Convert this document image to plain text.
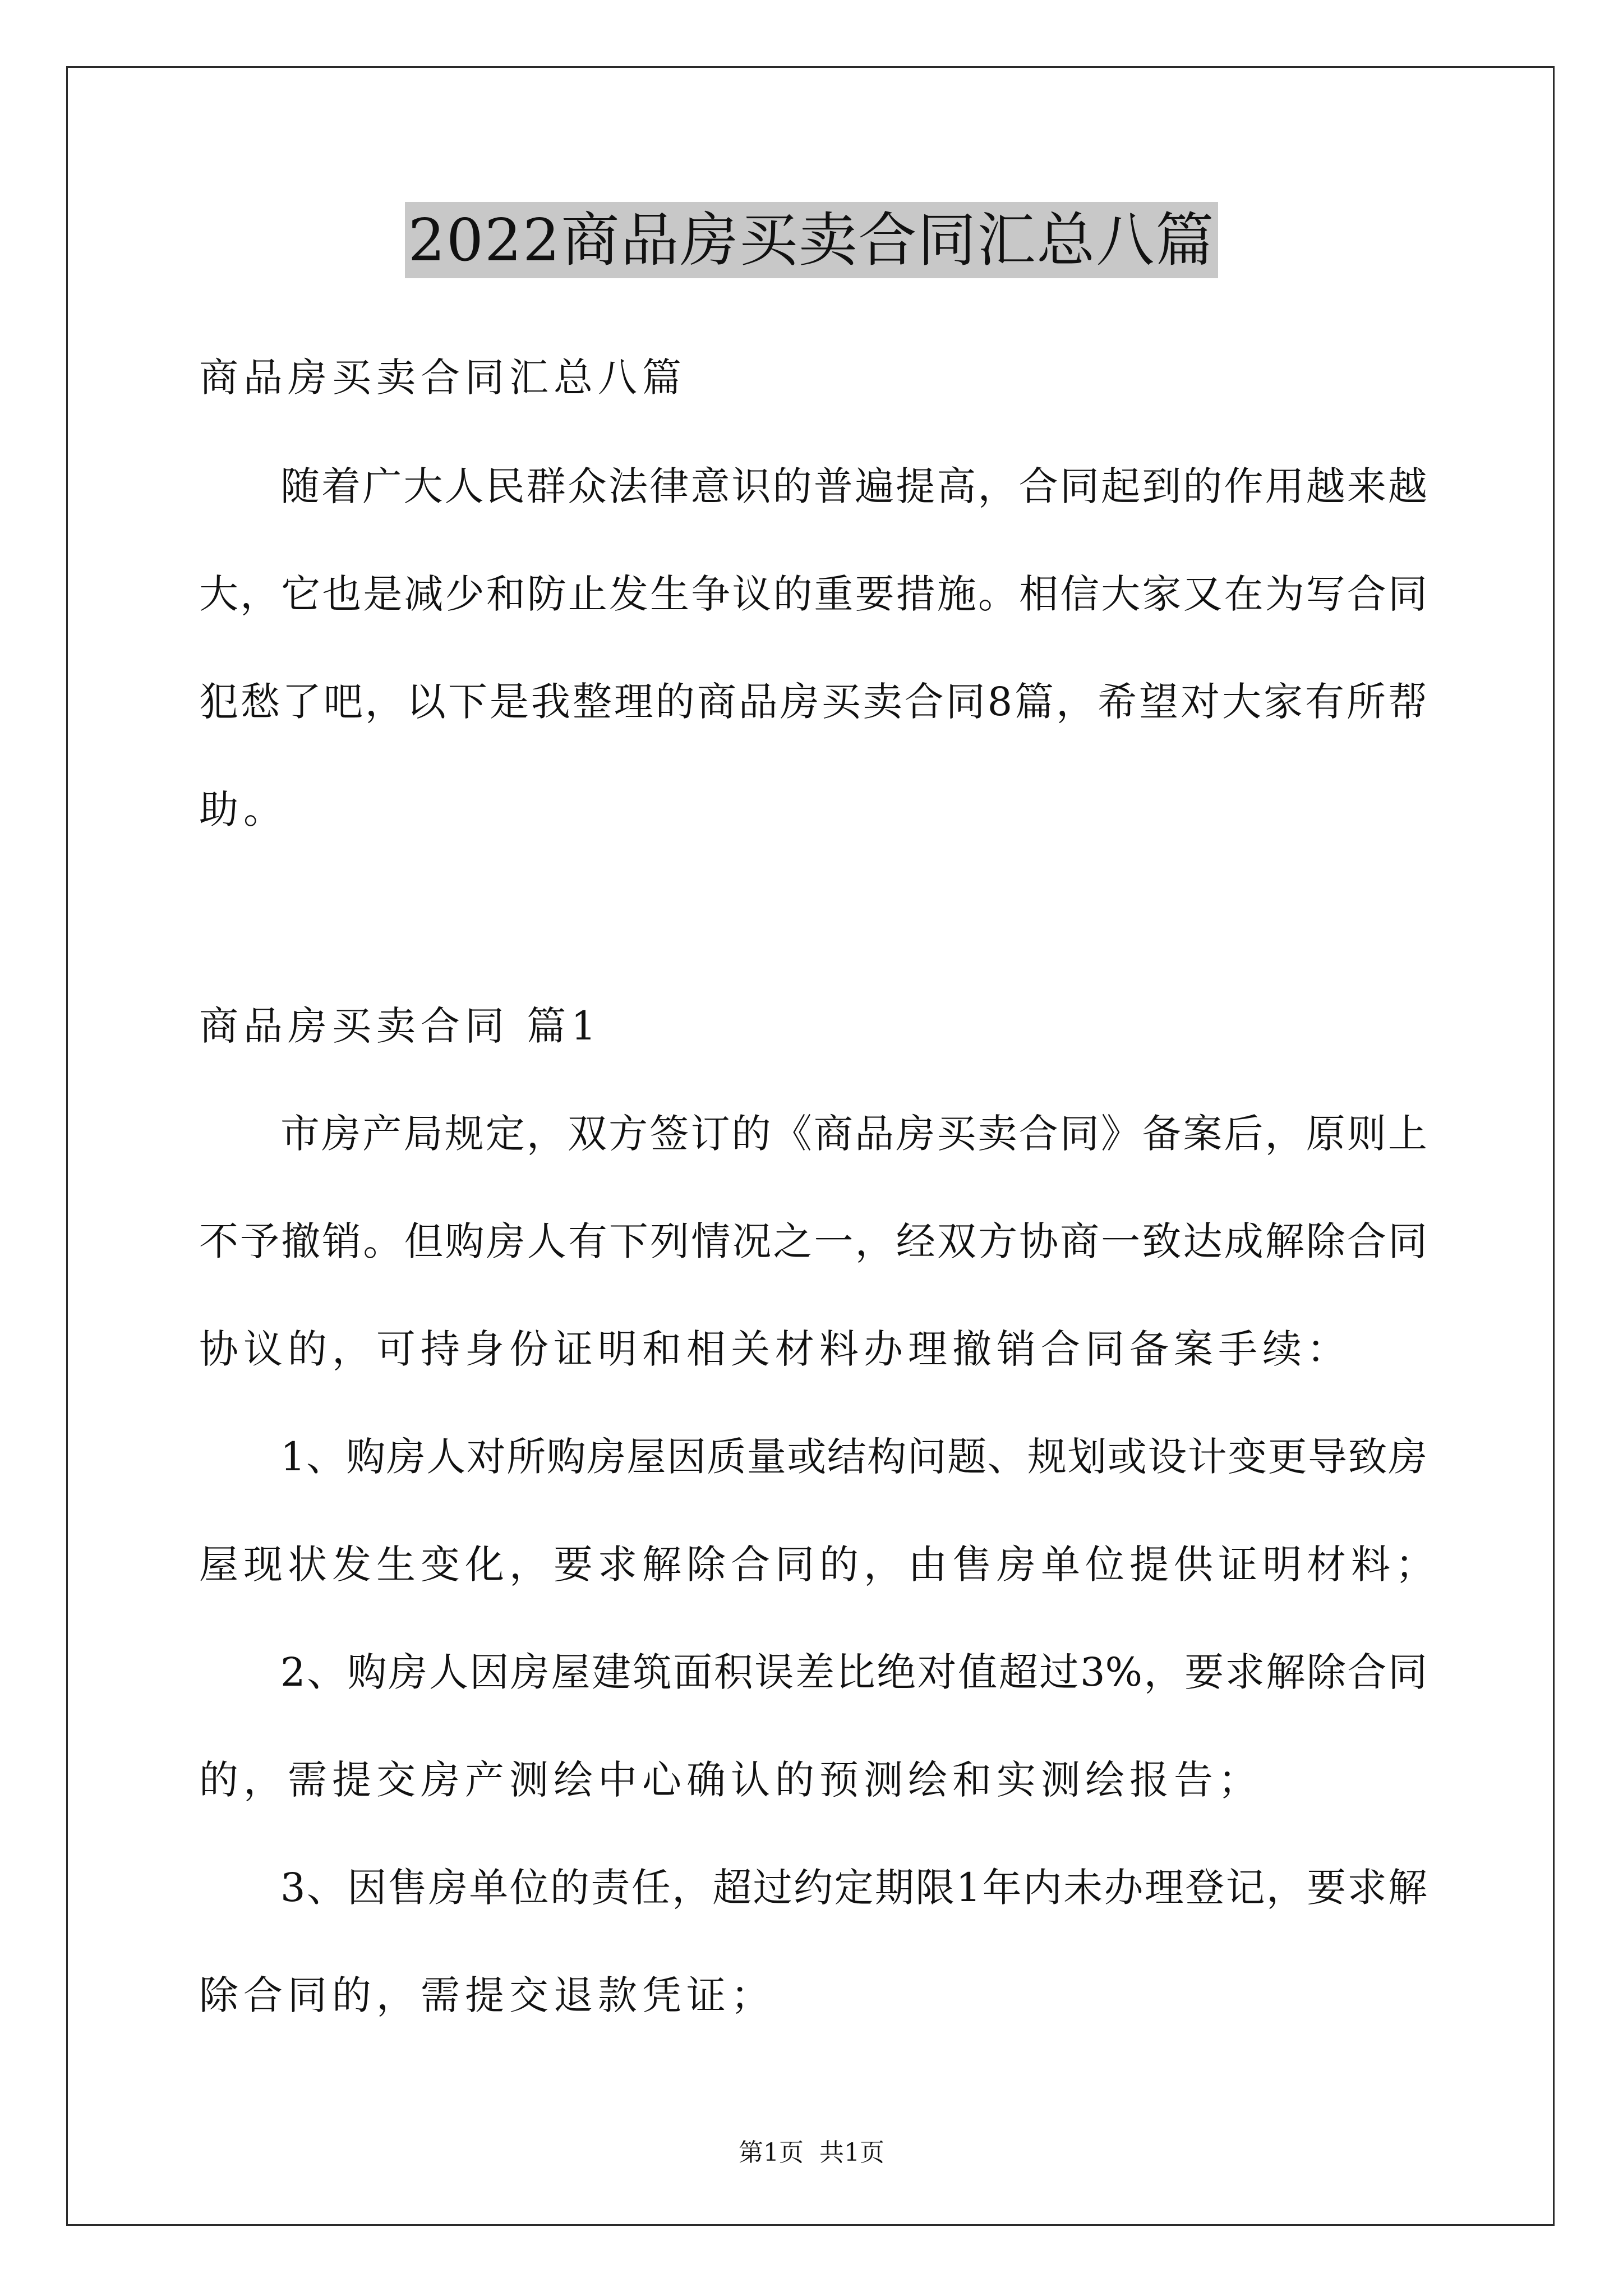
2022商品房买卖合同汇总八篇
商品房买卖合同汇总八篇
随着广大人民群众法律意识的普遍提高，合同起到的作用越来越
大，它也是减少和防止发生争议的重要措施。相信大家又在为写合同
犯愁了吧，以下是我整理的商品房买卖合同8篇，希望对大家有所帮
助。
商品房买卖合同 篇1
市房产局规定，双方签订的《商品房买卖合同》备案后，原则上
不予撤销。但购房人有下列情况之一，经双方协商一致达成解除合同
协议的，可持身份证明和相关材料办理撤销合同备案手续：
1、购房人对所购房屋因质量或结构问题、规划或设计变更导致房
屋现状发生变化，要求解除合同的，由售房单位提供证明材料；
2、购房人因房屋建筑面积误差比绝对值超过3%，要求解除合同
的，需提交房产测绘中心确认的预测绘和实测绘报告；
3、因售房单位的责任，超过约定期限1年内未办理登记，要求解
除合同的，需提交退款凭证；
第1页 共1页
